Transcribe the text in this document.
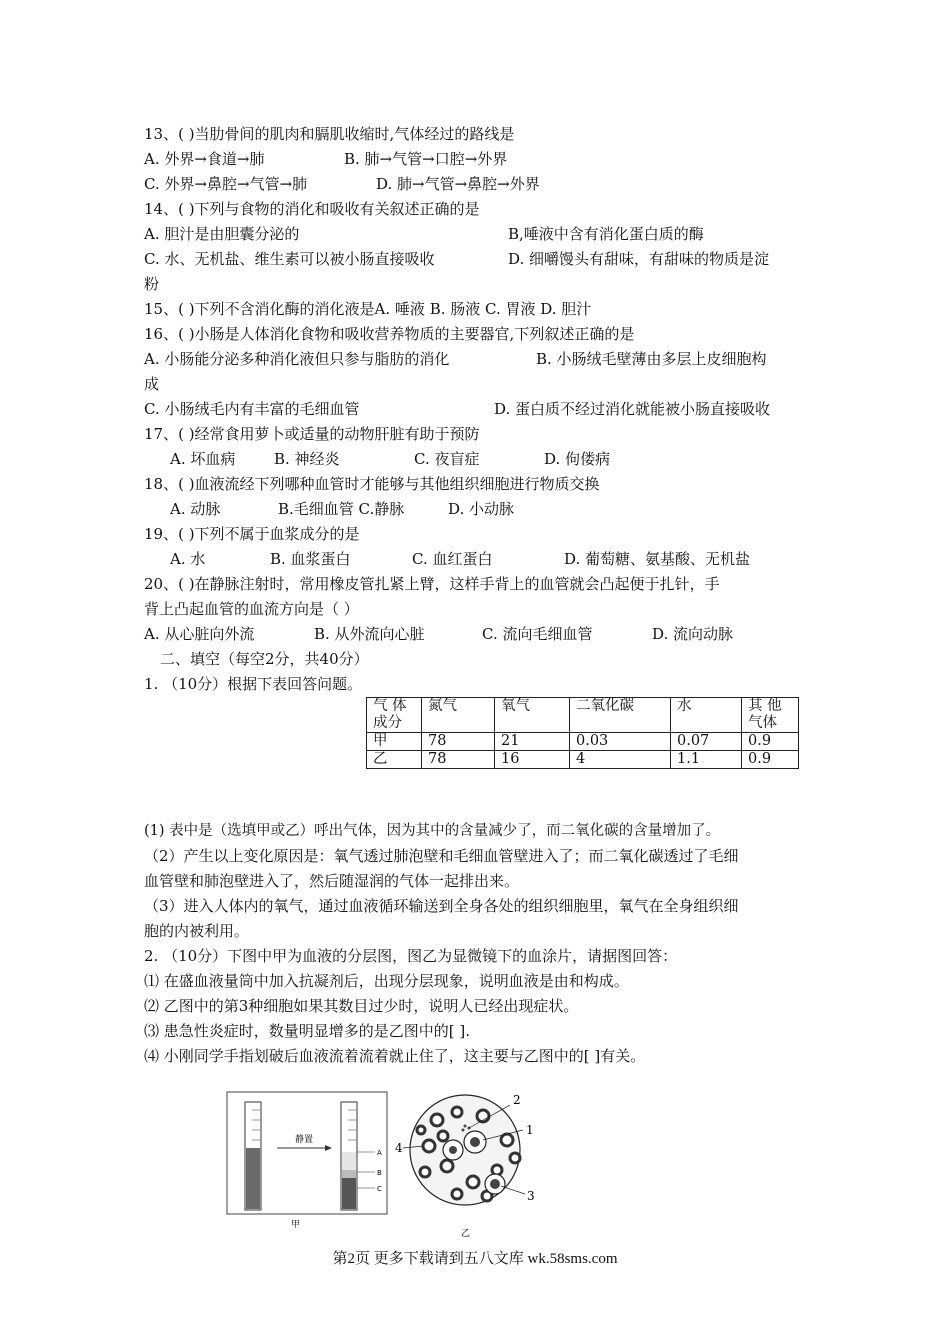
13、( )当肋骨间的肌肉和膈肌收缩时,气体经过的路线是
A. 外界→食道→肺	B. 肺→气管→口腔→外界
C. 外界→鼻腔→气管→肺	D. 肺→气管→鼻腔→外界
14、( )下列与食物的消化和吸收有关叙述正确的是
A. 胆汁是由胆囊分泌的	B,唾液中含有消化蛋白质的酶
C. 水、无机盐、维生素可以被小肠直接吸收	D. 细嚼馒头有甜味，有甜味的物质是淀
粉
15、( )下列不含消化酶的消化液是A. 唾液 B. 肠液 C. 胃液 D. 胆汁
16、( )小肠是人体消化食物和吸收营养物质的主要器官,下列叙述正确的是
A. 小肠能分泌多种消化液但只参与脂肪的消化	B. 小肠绒毛壁薄由多层上皮细胞构
成
C. 小肠绒毛内有丰富的毛细血管	D. 蛋白质不经过消化就能被小肠直接吸收
17、( )经常食用萝卜或适量的动物肝脏有助于预防
A. 坏血病	B. 神经炎	C. 夜盲症	D. 佝偻病
18、( )血液流经下列哪种血管时才能够与其他组织细胞进行物质交换
A. 动脉	B.毛细血管 C.静脉	D. 小动脉
19、( )下列不属于血浆成分的是
A. 水	B. 血浆蛋白	C. 血红蛋白	D. 葡萄糖、氨基酸、无机盐
20、( )在静脉注射时，常用橡皮管扎紧上臂，这样手背上的血管就会凸起便于扎针，手
背上凸起血管的血流方向是（ ）
A. 从心脏向外流	B. 从外流向心脏	C. 流向毛细血管	D. 流向动脉
二、填空（每空2分，共40分）
1. （10分）根据下表回答问题。
气 体 成分	氮气	氧气	二氧化碳	水	其 他 气体
甲	78	21	0.03	0.07	0.9
乙	78	16	4	1.1	0.9
(1) 表中是（选填甲或乙）呼出气体，因为其中的含量减少了，而二氧化碳的含量增加了。
（2）产生以上变化原因是：氧气透过肺泡壁和毛细血管壁进入了；而二氧化碳透过了毛细
血管壁和肺泡壁进入了，然后随湿润的气体一起排出来。
（3）进入人体内的氧气，通过血液循环输送到全身各处的组织细胞里，氧气在全身组织细
胞的内被利用。
2. （10分）下图中甲为血液的分层图，图乙为显微镜下的血涂片，请据图回答：
⑴ 在盛血液量筒中加入抗凝剂后，出现分层现象，说明血液是由和构成。
⑵ 乙图中的第3种细胞如果其数目过少时，说明人已经出现症状。
⑶ 患急性炎症时，数量明显增多的是乙图中的[ ].
⑷ 小刚同学手指划破后血液流着流着就止住了，这主要与乙图中的[ ]有关。
静置
A
B
C
甲
2
1
3
4
乙
第2页 更多下载请到五八文库 wk.58sms.com
